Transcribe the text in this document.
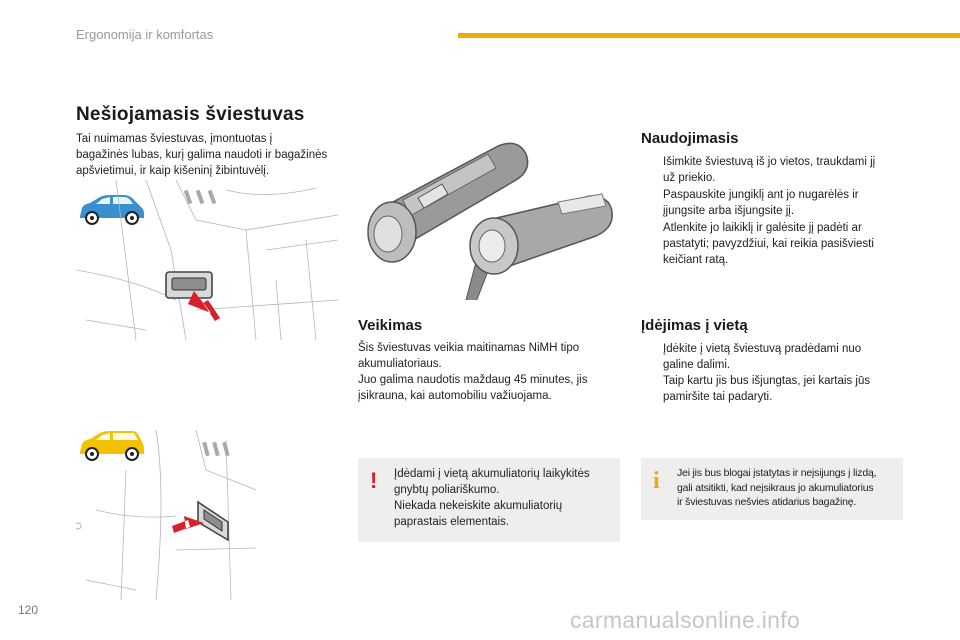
Ergonomija ir komfortas
Nešiojamasis šviestuvas
Tai nuimamas šviestuvas, įmontuotas į
bagažinės lubas, kurį galima naudoti ir bagažinės
apšvietimui, ir kaip kišeninį žibintuvėlį.
Veikimas
Šis šviestuvas veikia maitinamas NiMH tipo
akumuliatoriaus.
Juo galima naudotis maždaug 45 minutes, jis
įsikrauna, kai automobiliu važiuojama.
Naudojimasis
Išimkite šviestuvą iš jo vietos, traukdami jį
už priekio.
Paspauskite jungiklį ant jo nugarėlės ir
įjungsite arba išjungsite jį.
Atlenkite jo laikiklį ir galėsite jį padėti ar
pastatyti; pavyzdžiui, kai reikia pasišviesti
keičiant ratą.
Įdėjimas į vietą
Įdėkite į vietą šviestuvą pradėdami nuo
galine dalimi.
Taip kartu jis bus išjungtas, jei kartais jūs
pamiršite tai padaryti.
! Įdėdami į vietą akumuliatorių laikykitės
gnybtų poliariškumo.
Niekada nekeiskite akumuliatorių
paprastais elementais.
i Jei jis bus blogai įstatytas ir neįsijungs į lizdą,
gali atsitikti, kad neįsikraus jo akumuliatorius
ir šviestuvas nešvies atidarius bagažinę.
120	carmanualsonline.info
